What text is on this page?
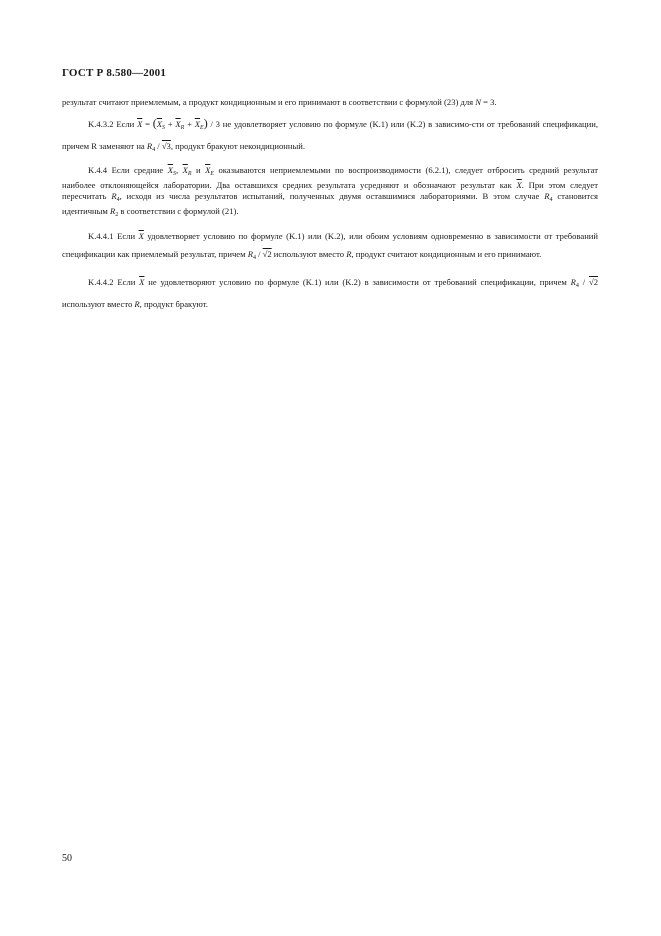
ГОСТ Р 8.580—2001

результат считают приемлемым, а продукт кондиционным и его принимают в соответствии с формулой (23) для N = 3.

K.4.3.2 Если $\overline{X} = (\overline{X}_S + \overline{X}_R + \overline{X}_E) / 3$ не удовлетворяет условию по формуле (K.1) или (K.2) в зависимо-сти от требований спецификации, причем R заменяют на $R_4 / √3$, продукт бракуют некондиционный.

K.4.4 Если средние $\overline{X}_S$, $\overline{X}_R$ и $\overline{X}_E$ оказываются неприемлемыми по воспроизводимости (6.2.1), следует отбросить средний результат наиболее отклоняющейся лаборатории. Два оставшихся средних результата усредняют и обозначают результат как $\overline{X}$. При этом следует пересчитать $R_4$, исходя из числа результатов испытаний, полученных двумя оставшимися лабораториями. В этом случае $R_4$ становится идентичным $R_2$ в соответствии с формулой (21).

K.4.4.1 Если $\overline{X}$ удовлетворяет условию по формуле (K.1) или (K.2), или обоим условиям одновременно в зависимости от требований спецификации как приемлемый результат, причем $R_4 / √2$ используют вместо R, продукт считают кондиционным и его принимают.

K.4.4.2 Если $\overline{X}$ не удовлетворяют условию по формуле (K.1) или (K.2) в зависимости от требований спецификации, причем $R_4 / √2$ используют вместо R, продукт бракуют.

50
